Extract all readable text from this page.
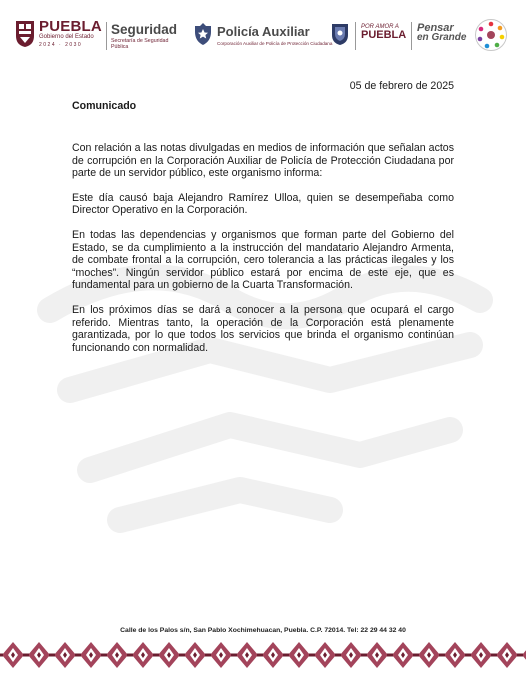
PUEBLA
Gobierno del Estado
2024 · 2030
Seguridad
Secretaría de Seguridad Pública
Policía Auxiliar
Corporación Auxiliar de Policía de Protección Ciudadana
POR AMOR A
PUEBLA
Pensar
en Grande
05 de febrero de 2025
Comunicado

Con relación a las notas divulgadas en medios de información que señalan actos de corrupción en la Corporación Auxiliar de Policía de Protección Ciudadana por parte de un servidor público, este organismo informa:

Este día causó baja Alejandro Ramírez Ulloa, quien se desempeñaba como Director Operativo en la Corporación.

En todas las dependencias y organismos que forman parte del Gobierno del Estado, se da cumplimiento a la instrucción del mandatario Alejandro Armenta, de combate frontal a la corrupción, cero tolerancia a las prácticas ilegales y los “moches”. Ningún servidor público estará por encima de este eje, que es fundamental para un gobierno de la Cuarta Transformación.

En los próximos días se dará a conocer a la persona que ocupará el cargo referido. Mientras tanto, la operación de la Corporación está plenamente garantizada, por lo que todos los servicios que brinda el organismo continúan funcionando con normalidad.

Calle de los Palos s/n, San Pablo Xochimehuacan, Puebla. C.P. 72014. Tel: 22 29 44 32 40
